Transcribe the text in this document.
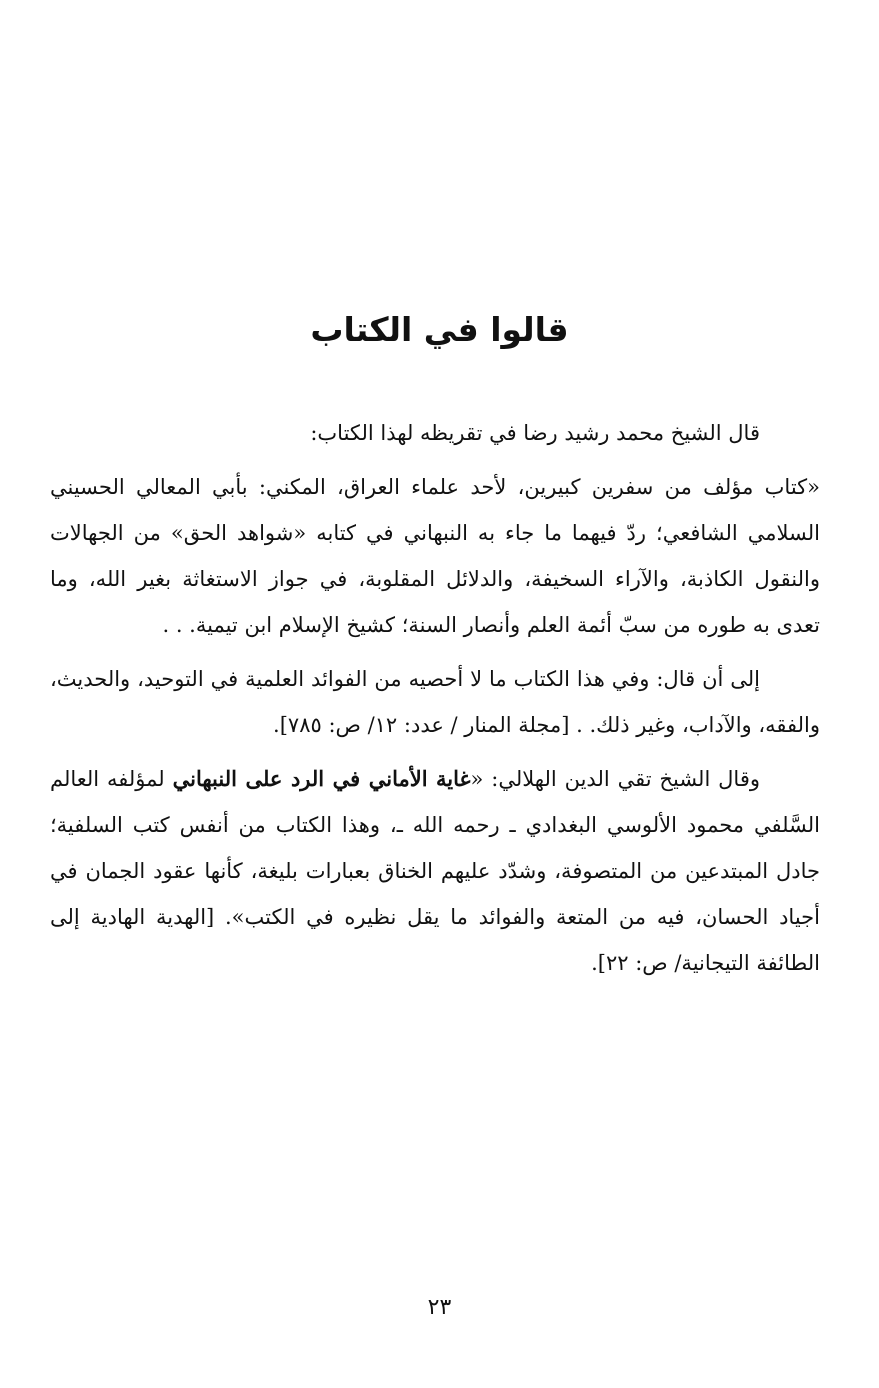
قالوا في الكتاب

قال الشيخ محمد رشيد رضا في تقريظه لهذا الكتاب:

«كتاب مؤلف من سفرين كبيرين، لأحد علماء العراق، المكني: بأبي المعالي الحسيني السلامي الشافعي؛ ردّ فيهما ما جاء به النبهاني في كتابه «شواهد الحق» من الجهالات والنقول الكاذبة، والآراء السخيفة، والدلائل المقلوبة، في جواز الاستغاثة بغير الله، وما تعدى به طوره من سبّ أئمة العلم وأنصار السنة؛ كشيخ الإسلام ابن تيمية. . .

إلى أن قال: وفي هذا الكتاب ما لا أحصيه من الفوائد العلمية في التوحيد، والحديث، والفقه، والآداب، وغير ذلك. . [مجلة المنار / عدد: ١٢/ ص: ٧٨٥].

وقال الشيخ تقي الدين الهلالي: «غاية الأماني في الرد على النبهاني لمؤلفه العالم السَّلفي محمود الألوسي البغدادي ـ رحمه الله ـ، وهذا الكتاب من أنفس كتب السلفية؛ جادل المبتدعين من المتصوفة، وشدّد عليهم الخناق بعبارات بليغة، كأنها عقود الجمان في أجياد الحسان، فيه من المتعة والفوائد ما يقل نظيره في الكتب». [الهدية الهادية إلى الطائفة التيجانية/ ص: ٢٢].

٢٣
